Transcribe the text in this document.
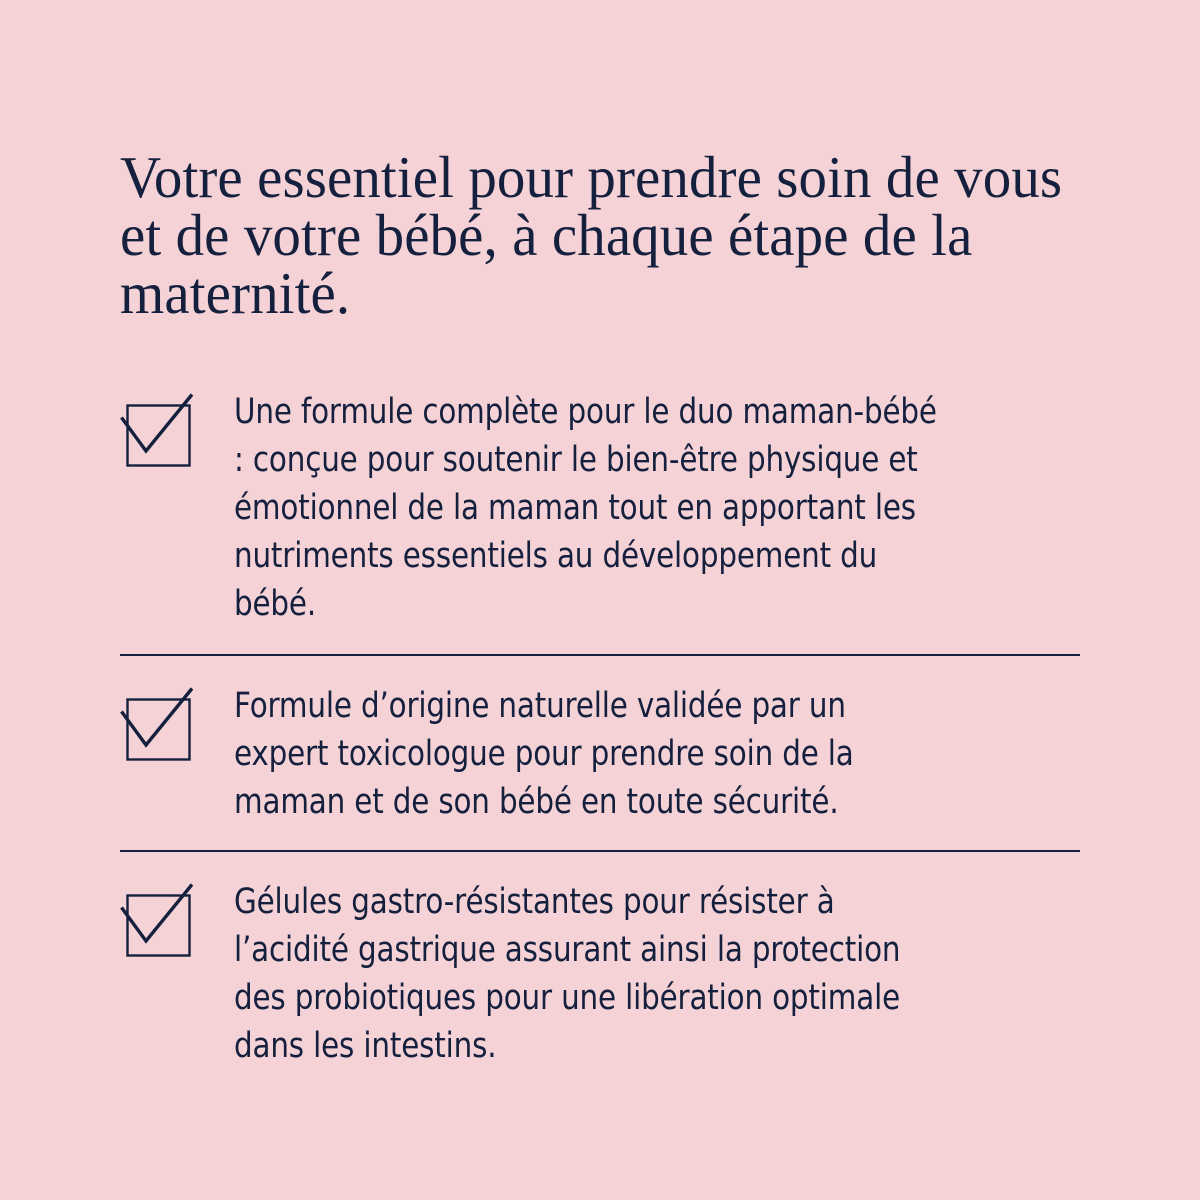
Votre essentiel pour prendre soin de vous et de votre bébé, à chaque étape de la maternité.
Une formule complète pour le duo maman-bébé : conçue pour soutenir le bien-être physique et émotionnel de la maman tout en apportant les nutriments essentiels au développement du bébé.
Formule d’origine naturelle validée par un expert toxicologue pour prendre soin de la maman et de son bébé en toute sécurité.
Gélules gastro-résistantes pour résister à l’acidité gastrique assurant ainsi la protection des probiotiques pour une libération optimale dans les intestins.
